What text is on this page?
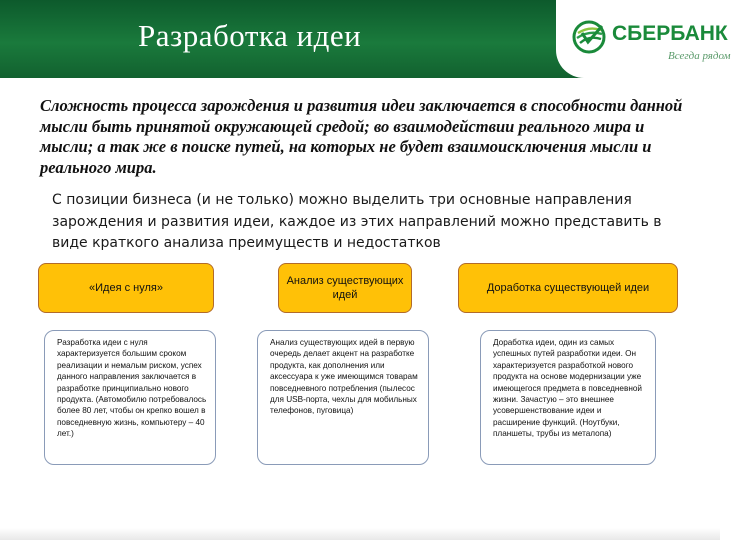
Разработка идеи	СБЕРБАНК
Всегда рядом

Сложность процесса зарождения и развития идеи заключается в способности данной мысли быть принятой окружающей средой; во взаимодействии реального мира и мысли; а так же в поиске путей, на которых не будет взаимоисключения мысли и реального мира.

С позиции бизнеса (и не только) можно выделить три основные направления зарождения и развития идеи, каждое из этих направлений можно представить в виде краткого анализа преимуществ и недостатков

«Идея с нуля»
Анализ существующих идей
Доработка существующей идеи
Разработка идеи с нуля характеризуется большим сроком реализации и немалым риском, успех данного направления заключается в разработке принципиально нового продукта. (Автомобилю потребовалось более 80 лет, чтобы он крепко вошел в повседневную жизнь, компьютеру – 40 лет.)
Анализ существующих идей в первую очередь делает акцент на разработке продукта, как дополнения или аксессуара к уже имеющимся товарам повседневного потребления (пылесос для USB-порта, чехлы для мобильных телефонов, пуговица)
Доработка идеи, один из самых успешных путей разработки идеи. Он характеризуется разработкой нового продукта на основе модернизации уже имеющегося предмета в повседневной жизни. Зачастую – это внешнее усовершенствование идеи и расширение функций. (Ноутбуки, планшеты, трубы из металопа)
